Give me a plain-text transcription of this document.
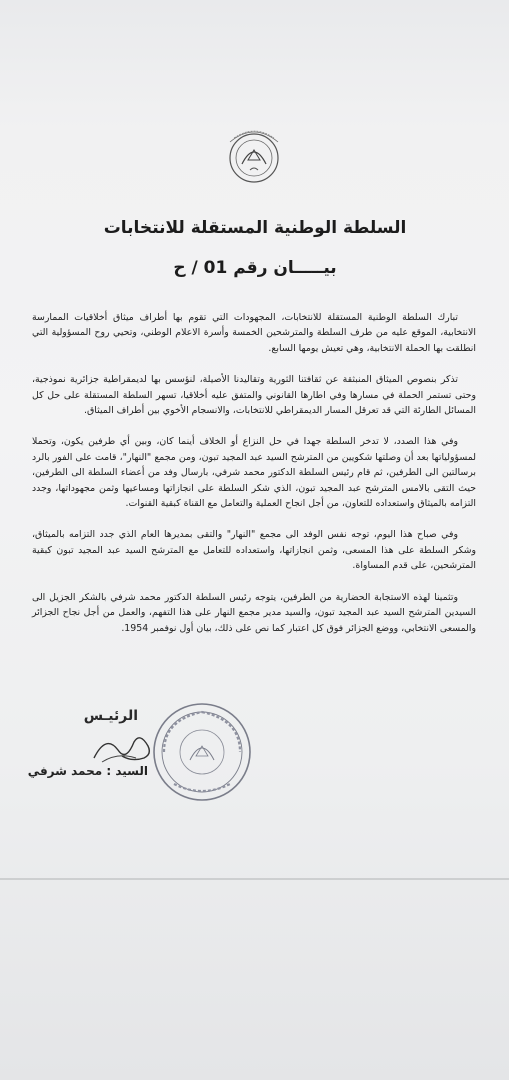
السلطة الوطنية المستقلة للانتخابات
بيـــــان رقم 01 / ح

تبارك السلطة الوطنية المستقلة للانتخابات، المجهودات التي تقوم بها أطراف ميثاق أخلاقيات الممارسة الانتخابية، الموقع عليه من طرف السلطة والمترشحين الخمسة وأسرة الاعلام الوطني، وتحيي روح المسؤولية التي انطلقت بها الحملة الانتخابية، وهي تعيش يومها السابع.

تذكر بنصوص الميثاق المنبثقة عن ثقافتنا الثورية وتقاليدنا الأصيلة، لنؤسس بها لديمقراطية جزائرية نموذجية، وحتى تستمر الحملة في مسارها وفي اطارها القانوني والمتفق عليه أخلاقيا، تسهر السلطة المستقلة على حل كل المسائل الطارئة التي قد تعرقل المسار الديمقراطي للانتخابات، والانسجام الأخوي بين أطراف الميثاق.

وفي هذا الصدد، لا تدخر السلطة جهدا في حل النزاع أو الخلاف أينما كان، وبين أي طرفين يكون، وتحملا لمسؤولياتها بعد أن وصلتها شكويين من المترشح السيد عبد المجيد تبون، ومن مجمع "النهار"، قامت على الفور بالرد برسالتين الى الطرفين، ثم قام رئيس السلطة الدكتور محمد شرفي، بارسال وفد من أعضاء السلطة الى الطرفين، حيث التقى بالامس المترشح عبد المجيد تبون، الذي شكر السلطة على انجازاتها ومساعيها وثمن مجهوداتها، وجدد التزامه بالميثاق واستعداده للتعاون، من أجل انجاح العملية والتعامل مع القناة كبقية القنوات.

وفي صباح هذا اليوم، توجه نفس الوفد الى مجمع "النهار" والتقى بمديرها العام الذي جدد التزامه بالميثاق، وشكر السلطة على هذا المسعى، وثمن انجازاتها، واستعداده للتعامل مع المترشح السيد عبد المجيد تبون كبقية المترشحين، على قدم المساواة.

وتثمينا لهذه الاستجابة الحضارية من الطرفين، يتوجه رئيس السلطة الدكتور محمد شرفي بالشكر الجزيل الى السيدين المترشح السيد عبد المجيد تبون، والسيد مدير مجمع النهار على هذا التفهم، والعمل من أجل نجاح الجزائر والمسعى الانتخابي، ووضع الجزائر فوق كل اعتبار كما نص على ذلك، بيان أول نوفمبر 1954.

الرئيـس
السيد : محمد شرفي
